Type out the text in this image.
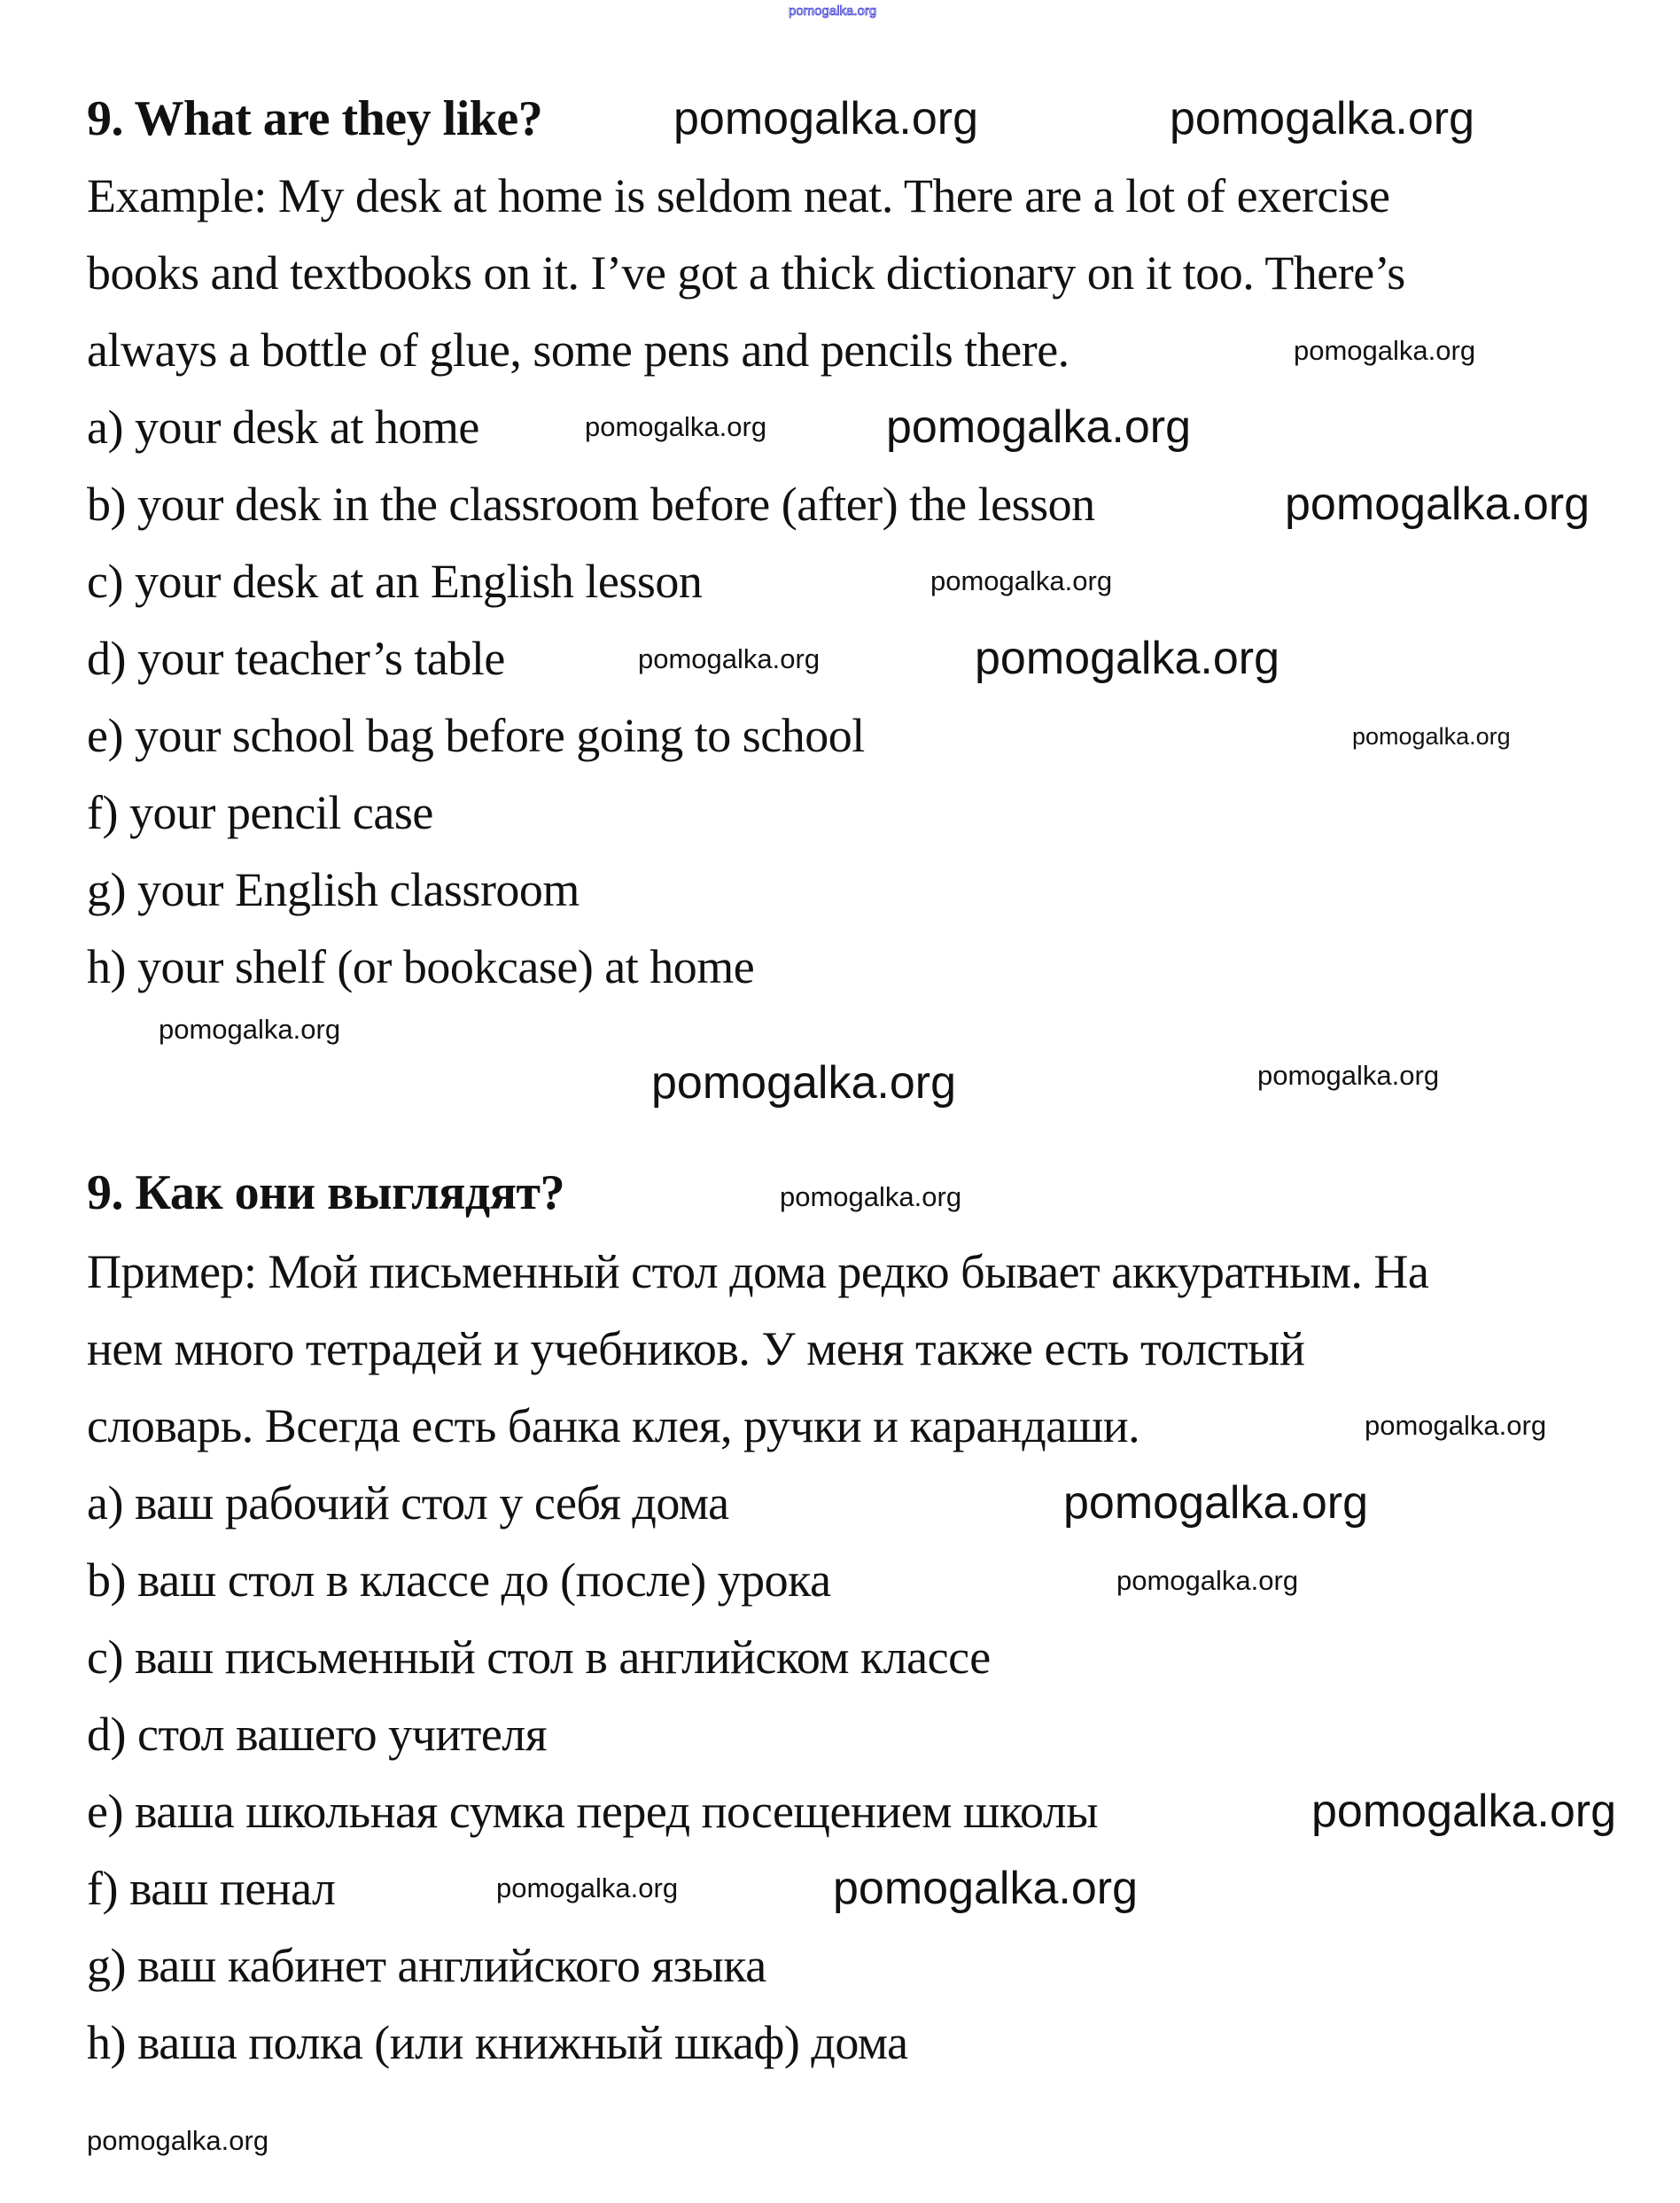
pomogalka.org
9. What are they like?
Example: My desk at home is seldom neat. There are a lot of exercise
books and textbooks on it. I’ve got a thick dictionary on it too. There’s
always a bottle of glue, some pens and pencils there.
a) your desk at home
b) your desk in the classroom before (after) the lesson
c) your desk at an English lesson
d) your teacher’s table
e) your school bag before going to school
f) your pencil case
g) your English classroom
h) your shelf (or bookcase) at home
9. Как они выглядят?
Пример: Мой письменный стол дома редко бывает аккуратным. На
нем много тетрадей и учебников. У меня также есть толстый
словарь. Всегда есть банка клея, ручки и карандаши.
a) ваш рабочий стол у себя дома
b) ваш стол в классе до (после) урока
c) ваш письменный стол в английском классе
d) стол вашего учителя
e) ваша школьная сумка перед посещением школы
f) ваш пенал
g) ваш кабинет английского языка
h) ваша полка (или книжный шкаф) дома
pomogalka.org	pomogalka.org
pomogalka.org
pomogalka.org	pomogalka.org
pomogalka.org
pomogalka.org
pomogalka.org	pomogalka.org
pomogalka.org
pomogalka.org
pomogalka.org	pomogalka.org
pomogalka.org
pomogalka.org
pomogalka.org
pomogalka.org
pomogalka.org
pomogalka.org	pomogalka.org
pomogalka.org
